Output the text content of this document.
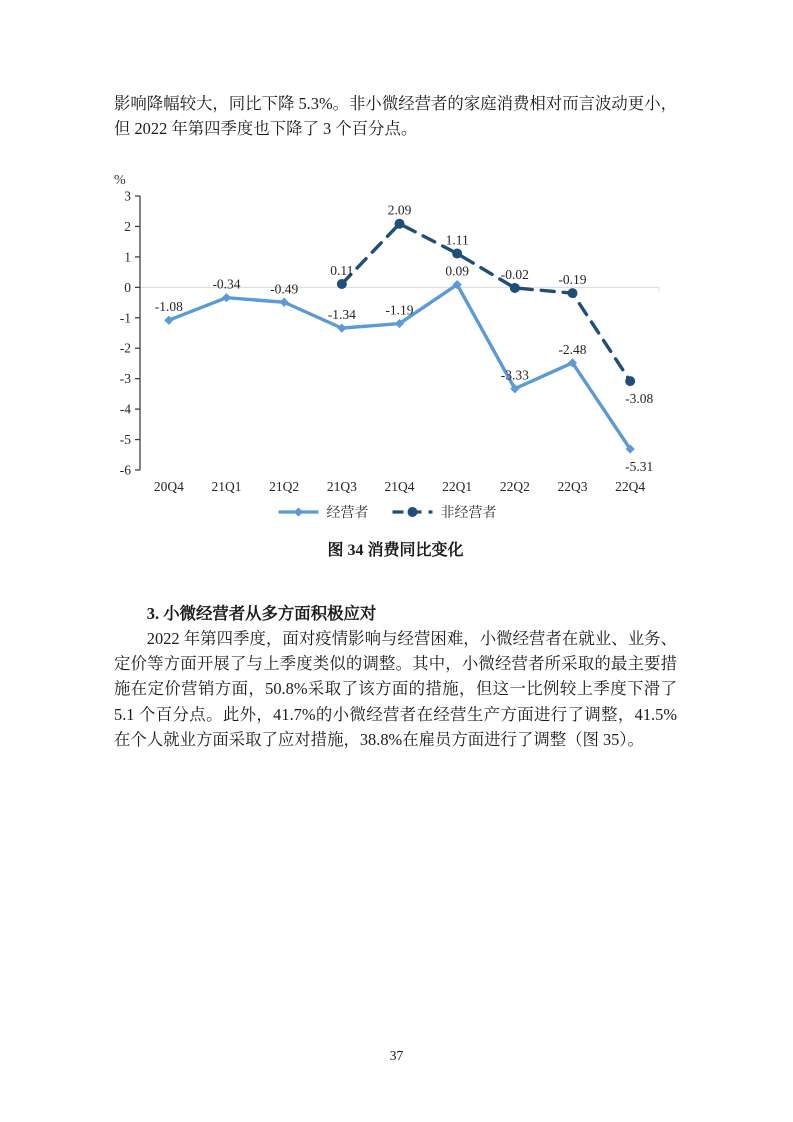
影响降幅较大，同比下降 5.3%。非小微经营者的家庭消费相对而言波动更小，但 2022 年第四季度也下降了 3 个百分点。

%
3
2
1
0
-1
-2
-3
-4
-5
-6
20Q4 21Q1 21Q2 21Q3 21Q4 22Q1 22Q2 22Q3 22Q4
-1.08
-0.34 -0.49
-1.34 -1.19
0.09
-3.33
-2.48
-5.31
0.11
2.09
1.11
-0.02 -0.19
-3.08
经营者	非经营者

图 34 消费同比变化

3. 小微经营者从多方面积极应对

2022 年第四季度，面对疫情影响与经营困难，小微经营者在就业、业务、定价等方面开展了与上季度类似的调整。其中，小微经营者所采取的最主要措施在定价营销方面，50.8%采取了该方面的措施，但这一比例较上季度下滑了 5.1 个百分点。此外，41.7%的小微经营者在经营生产方面进行了调整，41.5%在个人就业方面采取了应对措施，38.8%在雇员方面进行了调整（图 35）。

37
